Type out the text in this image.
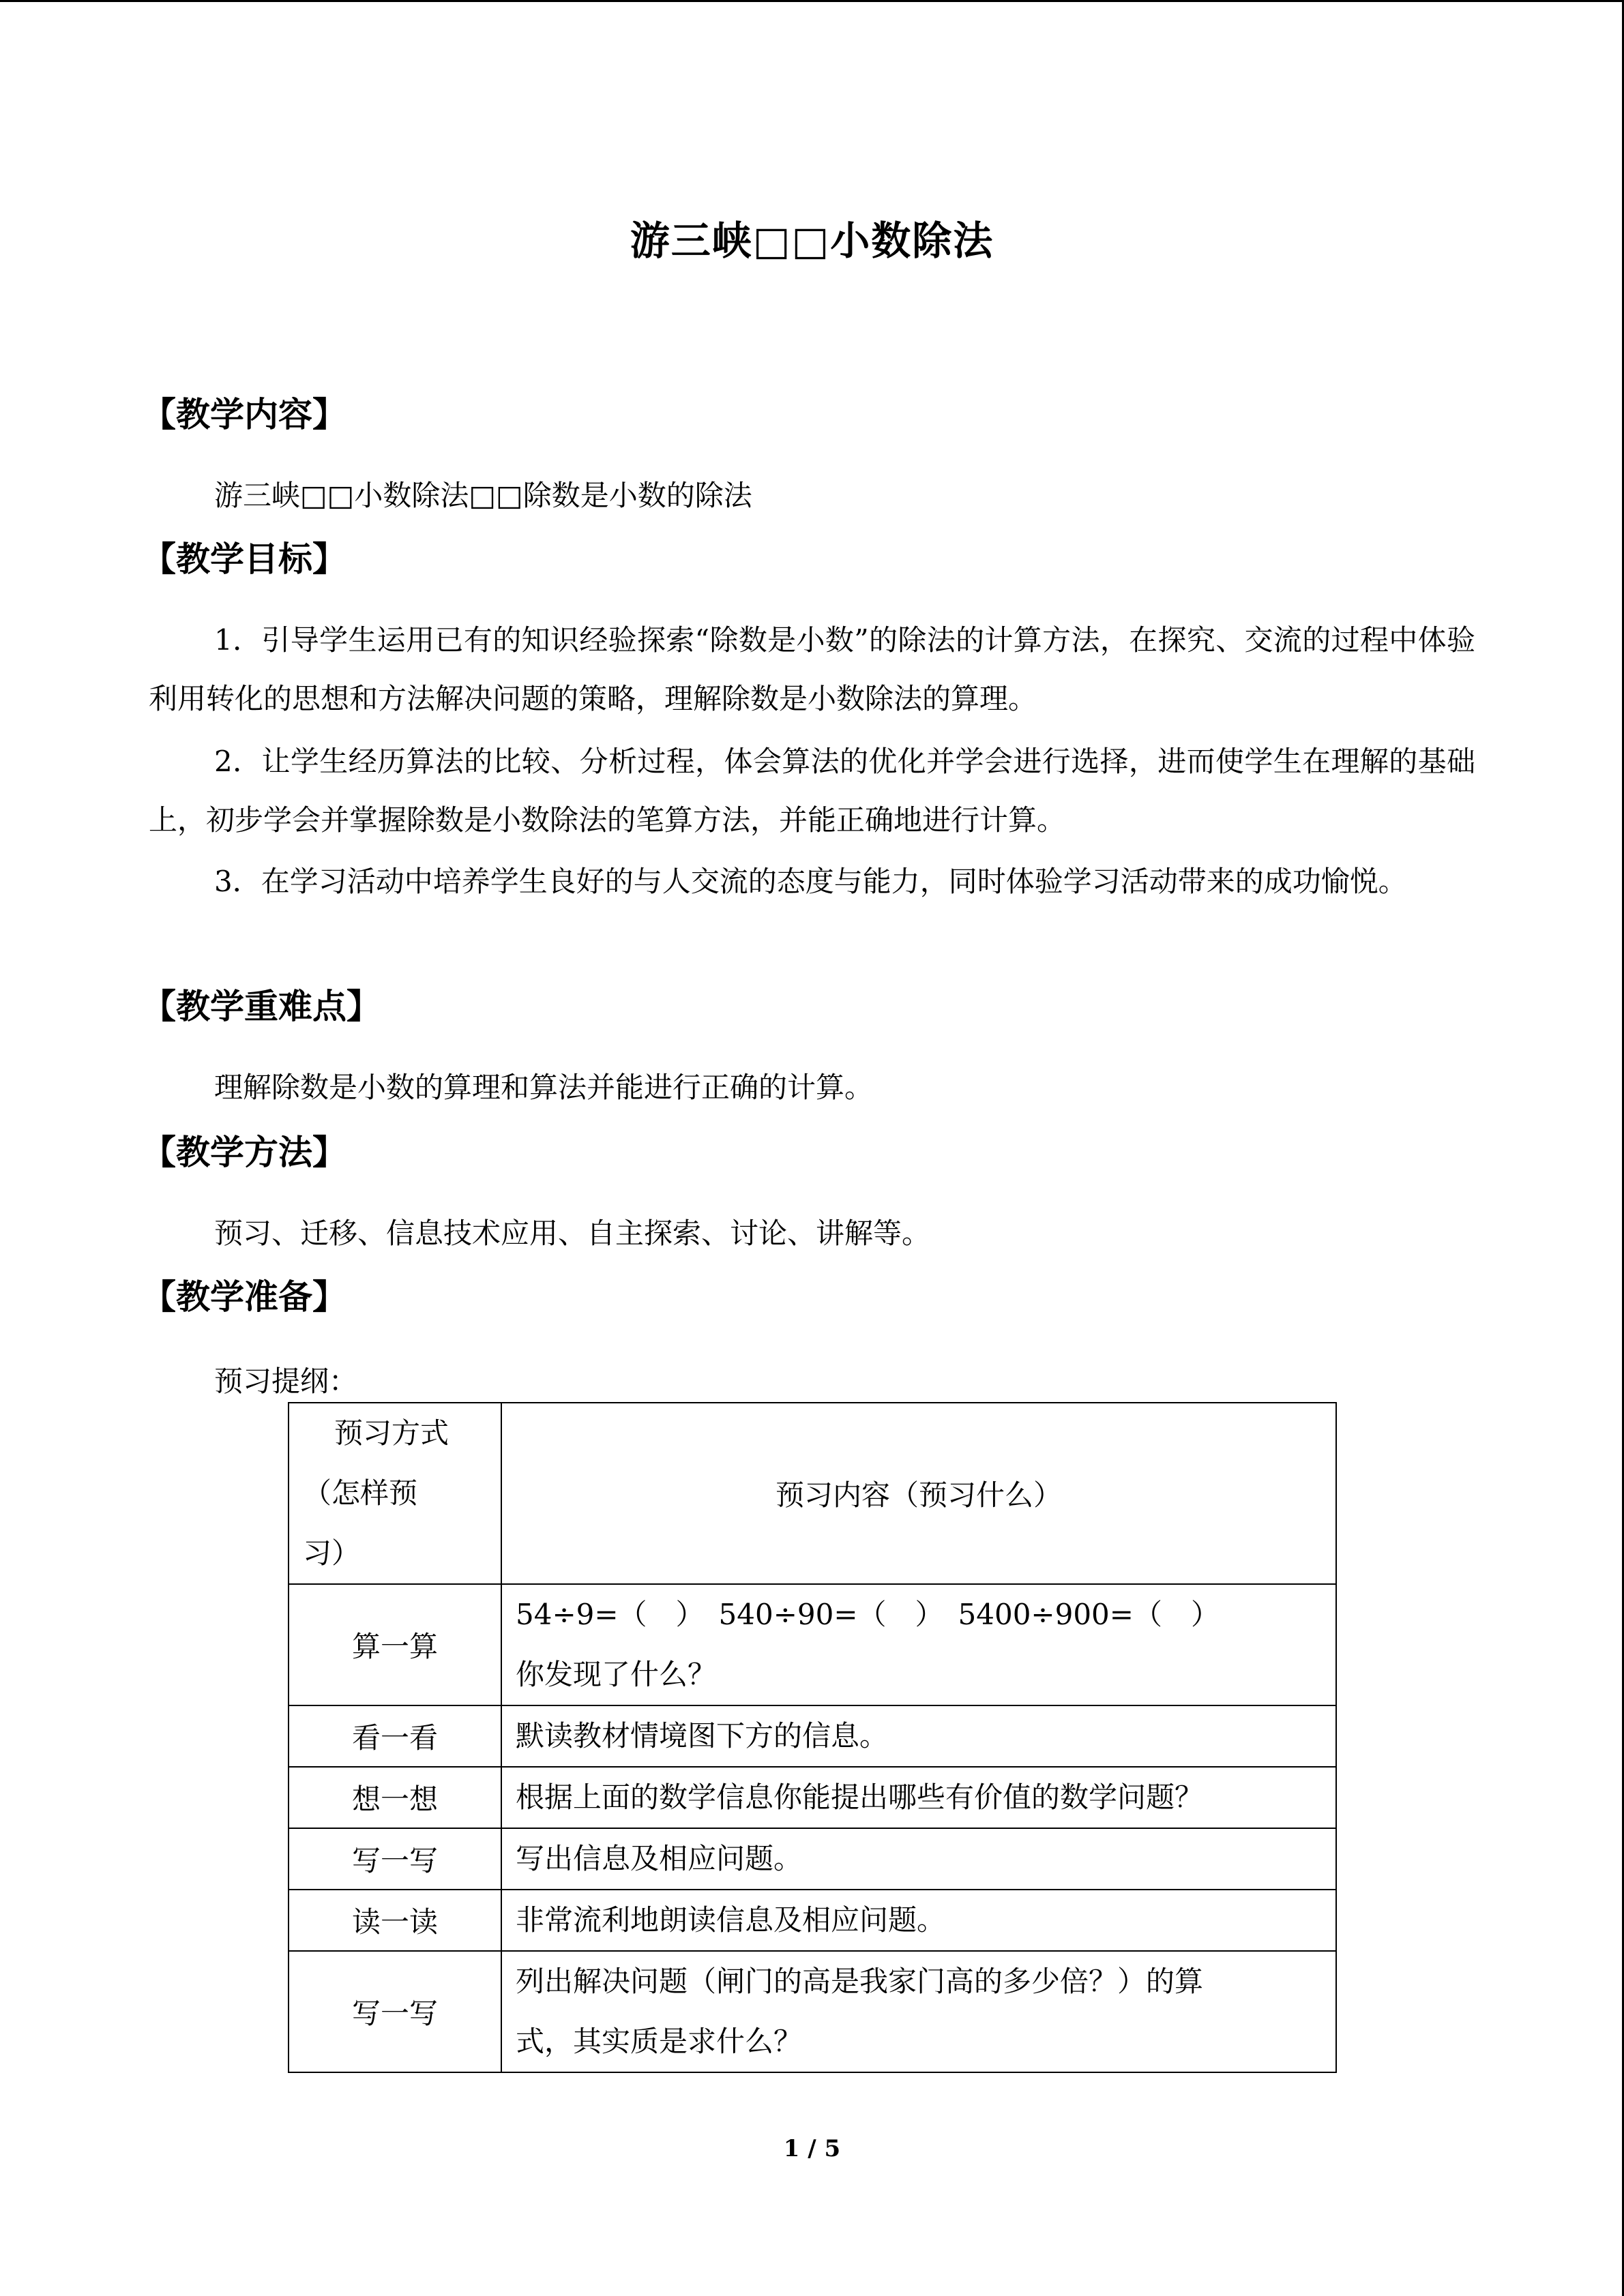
游三峡□□小数除法
【教学内容】
游三峡□□小数除法□□除数是小数的除法
【教学目标】
1．引导学生运用已有的知识经验探索“除数是小数”的除法的计算方法，在探究、交流的过程中体验利用转化的思想和方法解决问题的策略，理解除数是小数除法的算理。
2．让学生经历算法的比较、分析过程，体会算法的优化并学会进行选择，进而使学生在理解的基础上，初步学会并掌握除数是小数除法的笔算方法，并能正确地进行计算。
3．在学习活动中培养学生良好的与人交流的态度与能力，同时体验学习活动带来的成功愉悦。
【教学重难点】
理解除数是小数的算理和算法并能进行正确的计算。
【教学方法】
预习、迁移、信息技术应用、自主探索、讨论、讲解等。
【教学准备】
预习提纲：
预习方式
（怎样预
习）	预习内容（预习什么）
算一算	54÷9=（　）　540÷90=（　）　5400÷900=（　）
你发现了什么？

看一看	默读教材情境图下方的信息。
想一想	根据上面的数学信息你能提出哪些有价值的数学问题？
写一写	写出信息及相应问题。
读一读	非常流利地朗读信息及相应问题。
写一写	列出解决问题（闸门的高是我家门高的多少倍？）的算
式，其实质是求什么？
1 / 5
